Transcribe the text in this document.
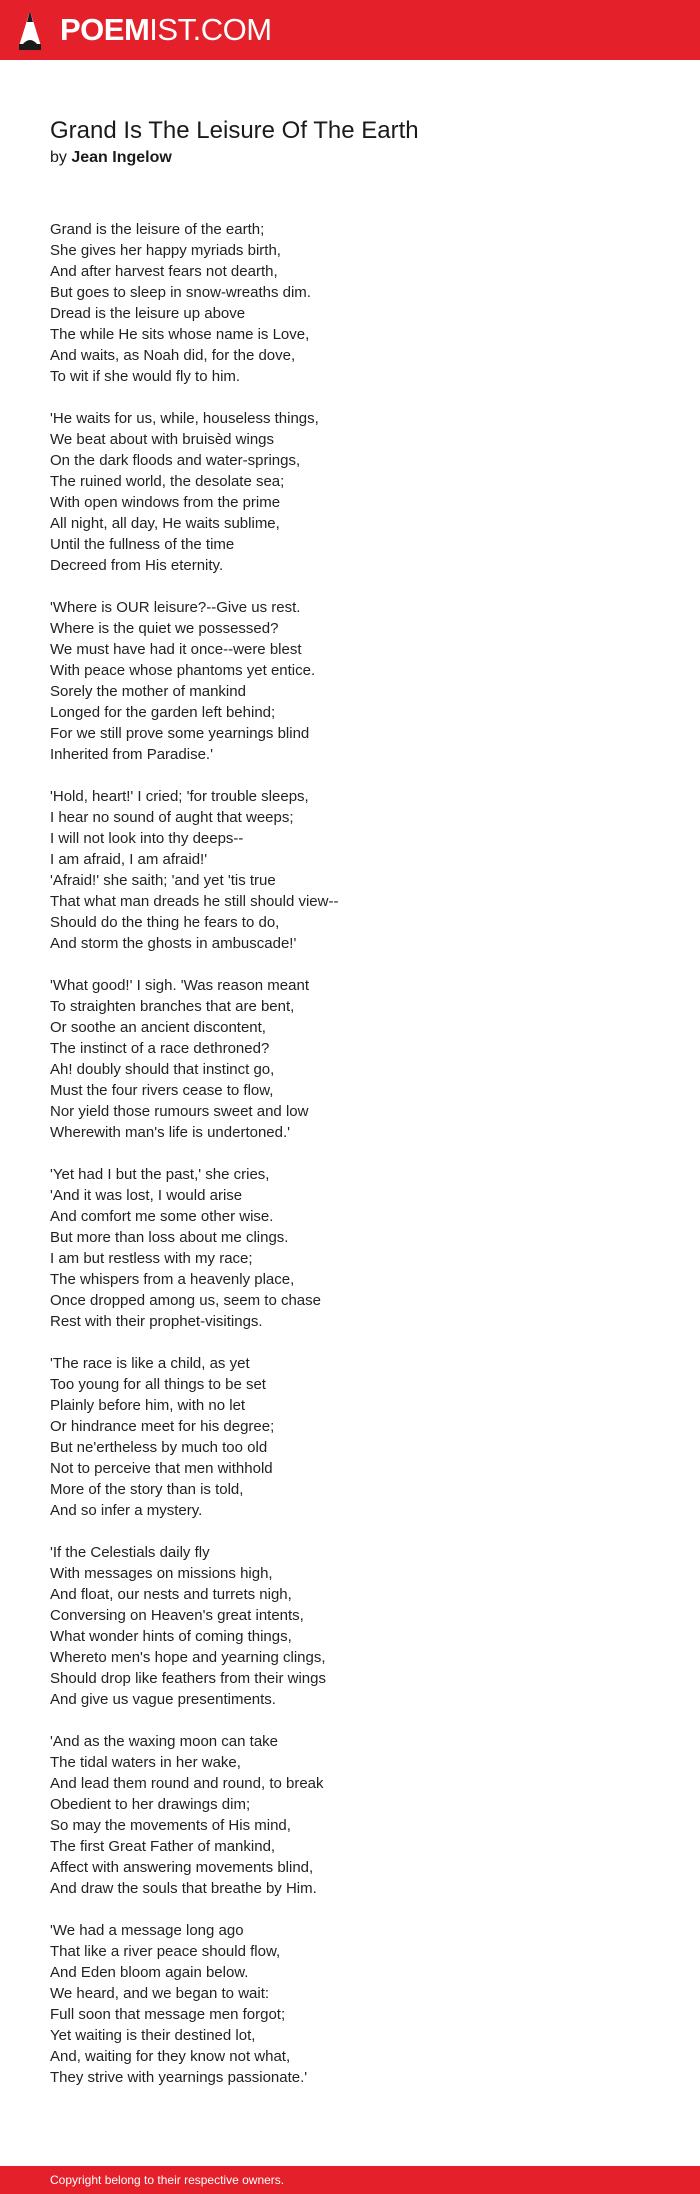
POEMIST.COM
Grand Is The Leisure Of The Earth
by Jean Ingelow
Grand is the leisure of the earth;
She gives her happy myriads birth,
And after harvest fears not dearth,
But goes to sleep in snow-wreaths dim.
Dread is the leisure up above
The while He sits whose name is Love,
And waits, as Noah did, for the dove,
To wit if she would fly to him.
'He waits for us, while, houseless things,
We beat about with bruisèd wings
On the dark floods and water-springs,
The ruined world, the desolate sea;
With open windows from the prime
All night, all day, He waits sublime,
Until the fullness of the time
Decreed from His eternity.
'Where is OUR leisure?--Give us rest.
Where is the quiet we possessed?
We must have had it once--were blest
With peace whose phantoms yet entice.
Sorely the mother of mankind
Longed for the garden left behind;
For we still prove some yearnings blind
Inherited from Paradise.'
'Hold, heart!' I cried; 'for trouble sleeps,
I hear no sound of aught that weeps;
I will not look into thy deeps--
I am afraid, I am afraid!'
'Afraid!' she saith; 'and yet 'tis true
That what man dreads he still should view--
Should do the thing he fears to do,
And storm the ghosts in ambuscade!'
'What good!' I sigh. 'Was reason meant
To straighten branches that are bent,
Or soothe an ancient discontent,
The instinct of a race dethroned?
Ah! doubly should that instinct go,
Must the four rivers cease to flow,
Nor yield those rumours sweet and low
Wherewith man's life is undertoned.'
'Yet had I but the past,' she cries,
'And it was lost, I would arise
And comfort me some other wise.
But more than loss about me clings.
I am but restless with my race;
The whispers from a heavenly place,
Once dropped among us, seem to chase
Rest with their prophet-visitings.
'The race is like a child, as yet
Too young for all things to be set
Plainly before him, with no let
Or hindrance meet for his degree;
But ne'ertheless by much too old
Not to perceive that men withhold
More of the story than is told,
And so infer a mystery.
'If the Celestials daily fly
With messages on missions high,
And float, our nests and turrets nigh,
Conversing on Heaven's great intents,
What wonder hints of coming things,
Whereto men's hope and yearning clings,
Should drop like feathers from their wings
And give us vague presentiments.
'And as the waxing moon can take
The tidal waters in her wake,
And lead them round and round, to break
Obedient to her drawings dim;
So may the movements of His mind,
The first Great Father of mankind,
Affect with answering movements blind,
And draw the souls that breathe by Him.
'We had a message long ago
That like a river peace should flow,
And Eden bloom again below.
We heard, and we began to wait:
Full soon that message men forgot;
Yet waiting is their destined lot,
And, waiting for they know not what,
They strive with yearnings passionate.'
Copyright belong to their respective owners.
